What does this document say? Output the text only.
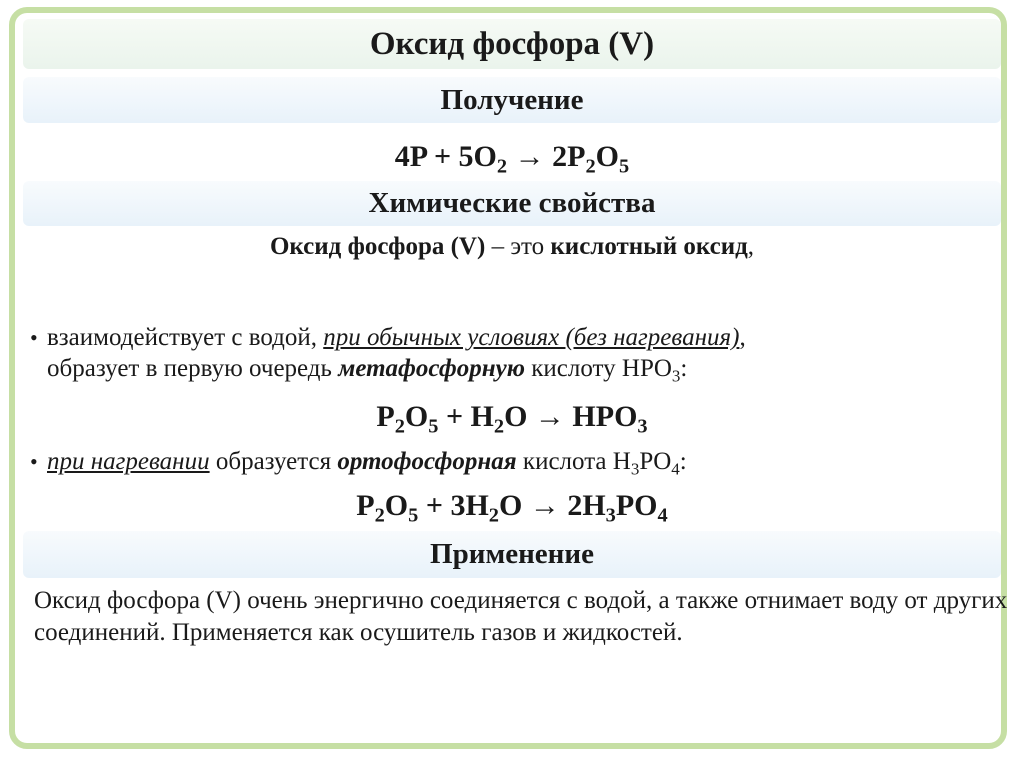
Оксид фосфора (V)
Получение
$4P + 5O_2 \to 2P_2O_5$
Химические свойства
Оксид фосфора (V) – это кислотный оксид,
• взаимодействует с водой, при обычных условиях (без нагревания),
образует в первую очередь метафосфорную кислоту $HPO_3$:
$P_2O_5 + H_2O \to HPO_3$
• при нагревании образуется ортофосфорная кислота $H_3PO_4$:
$P_2O_5 + 3H_2O \to 2H_3PO_4$
Применение
Оксид фосфора (V) очень энергично соединяется с водой, а также отнимает воду от других соединений. Применяется как осушитель газов и жидкостей.
